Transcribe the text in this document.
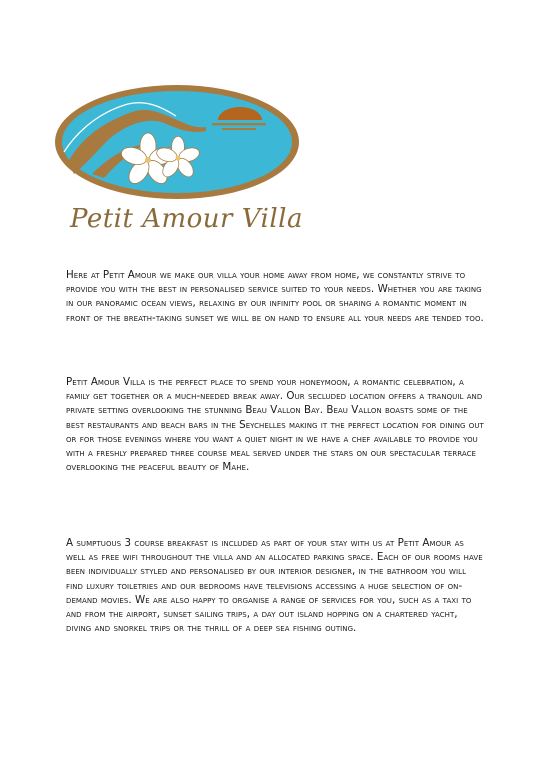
Petit Amour Villa

Here at Petit Amour we make our villa your home away from home, we constantly strive to provide you with the best in personalised service suited to your needs. Whether you are taking in our panoramic ocean views, relaxing by our infinity pool or sharing a romantic moment in front of the breath-taking sunset we will be on hand to ensure all your needs are tended too.

Petit Amour Villa is the perfect place to spend your honeymoon, a romantic celebration, a family get together or a much-needed break away. Our secluded location offers a tranquil and private setting overlooking the stunning Beau Vallon Bay. Beau Vallon boasts some of the best restaurants and beach bars in the Seychelles making it the perfect location for dining out or for those evenings where you want a quiet night in we have a chef available to provide you with a freshly prepared three course meal served under the stars on our spectacular terrace overlooking the peaceful beauty of Mahe.

A sumptuous 3 course breakfast is included as part of your stay with us at Petit Amour as well as free wifi throughout the villa and an allocated parking space. Each of our rooms have been individually styled and personalised by our interior designer, in the bathroom you will find luxury toiletries and our bedrooms have televisions accessing a huge selection of on-demand movies. We are also happy to organise a range of services for you, such as a taxi to and from the airport, sunset sailing trips, a day out island hopping on a chartered yacht, diving and snorkel trips or the thrill of a deep sea fishing outing.
